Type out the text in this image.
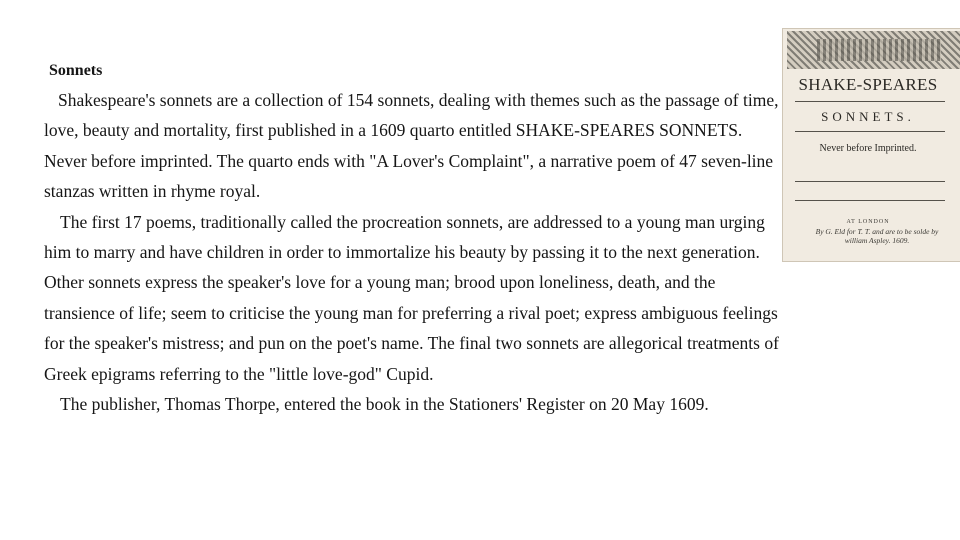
Sonnets

Shakespeare's sonnets are a collection of 154 sonnets, dealing with themes such as the passage of time, love, beauty and mortality, first published in a 1609 quarto entitled SHAKE-SPEARES SONNETS. Never before imprinted. The quarto ends with "A Lover's Complaint", a narrative poem of 47 seven-line stanzas written in rhyme royal.

The first 17 poems, traditionally called the procreation sonnets, are addressed to a young man urging him to marry and have children in order to immortalize his beauty by passing it to the next generation. Other sonnets express the speaker's love for a young man; brood upon loneliness, death, and the transience of life; seem to criticise the young man for preferring a rival poet; express ambiguous feelings for the speaker's mistress; and pun on the poet's name. The final two sonnets are allegorical treatments of Greek epigrams referring to the "little love-god" Cupid.

The publisher, Thomas Thorpe, entered the book in the Stationers' Register on 20 May 1609.

SHAKE-SPEARES
SONNETS.
Never before Imprinted.
AT LONDON
By G. Eld for T. T. and are to be solde by william Aspley. 1609.
